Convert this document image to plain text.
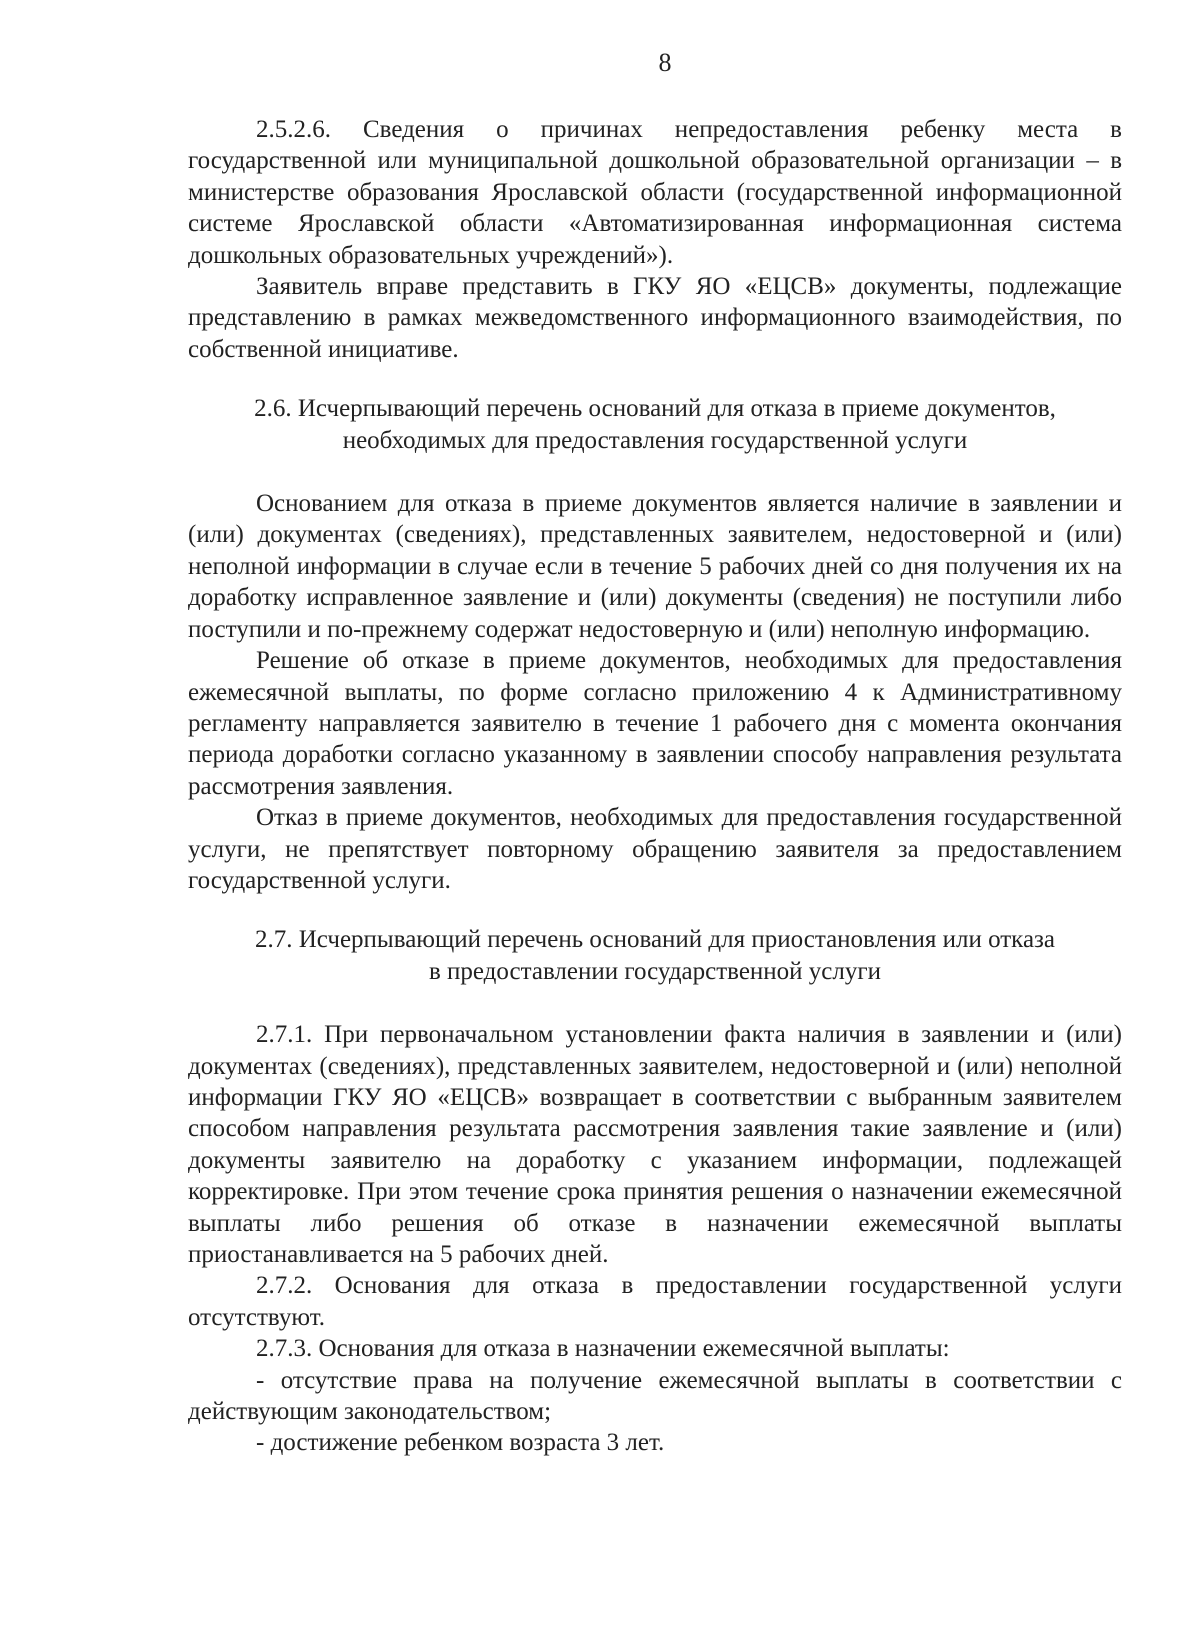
8

2.5.2.6. Сведения о причинах непредоставления ребенку места в государственной или муниципальной дошкольной образовательной организации – в министерстве образования Ярославской области (государственной информационной системе Ярославской области «Автоматизированная информационная система дошкольных образовательных учреждений»).

Заявитель вправе представить в ГКУ ЯО «ЕЦСВ» документы, подлежащие представлению в рамках межведомственного информационного взаимодействия, по собственной инициативе.

2.6. Исчерпывающий перечень оснований для отказа в приеме документов,
необходимых для предоставления государственной услуги

Основанием для отказа в приеме документов является наличие в заявлении и (или) документах (сведениях), представленных заявителем, недостоверной и (или) неполной информации в случае если в течение 5 рабочих дней со дня получения их на доработку исправленное заявление и (или) документы (сведения) не поступили либо поступили и по-прежнему содержат недостоверную и (или) неполную информацию.

Решение об отказе в приеме документов, необходимых для предоставления ежемесячной выплаты, по форме согласно приложению 4 к Административному регламенту направляется заявителю в течение 1 рабочего дня с момента окончания периода доработки согласно указанному в заявлении способу направления результата рассмотрения заявления.

Отказ в приеме документов, необходимых для предоставления государственной услуги, не препятствует повторному обращению заявителя за предоставлением государственной услуги.

2.7. Исчерпывающий перечень оснований для приостановления или отказа
в предоставлении государственной услуги

2.7.1. При первоначальном установлении факта наличия в заявлении и (или) документах (сведениях), представленных заявителем, недостоверной и (или) неполной информации ГКУ ЯО «ЕЦСВ» возвращает в соответствии с выбранным заявителем способом направления результата рассмотрения заявления такие заявление и (или) документы заявителю на доработку с указанием информации, подлежащей корректировке. При этом течение срока принятия решения о назначении ежемесячной выплаты либо решения об отказе в назначении ежемесячной выплаты приостанавливается на 5 рабочих дней.

2.7.2. Основания для отказа в предоставлении государственной услуги отсутствуют.

2.7.3. Основания для отказа в назначении ежемесячной выплаты:

- отсутствие права на получение ежемесячной выплаты в соответствии с действующим законодательством;

- достижение ребенком возраста 3 лет.
